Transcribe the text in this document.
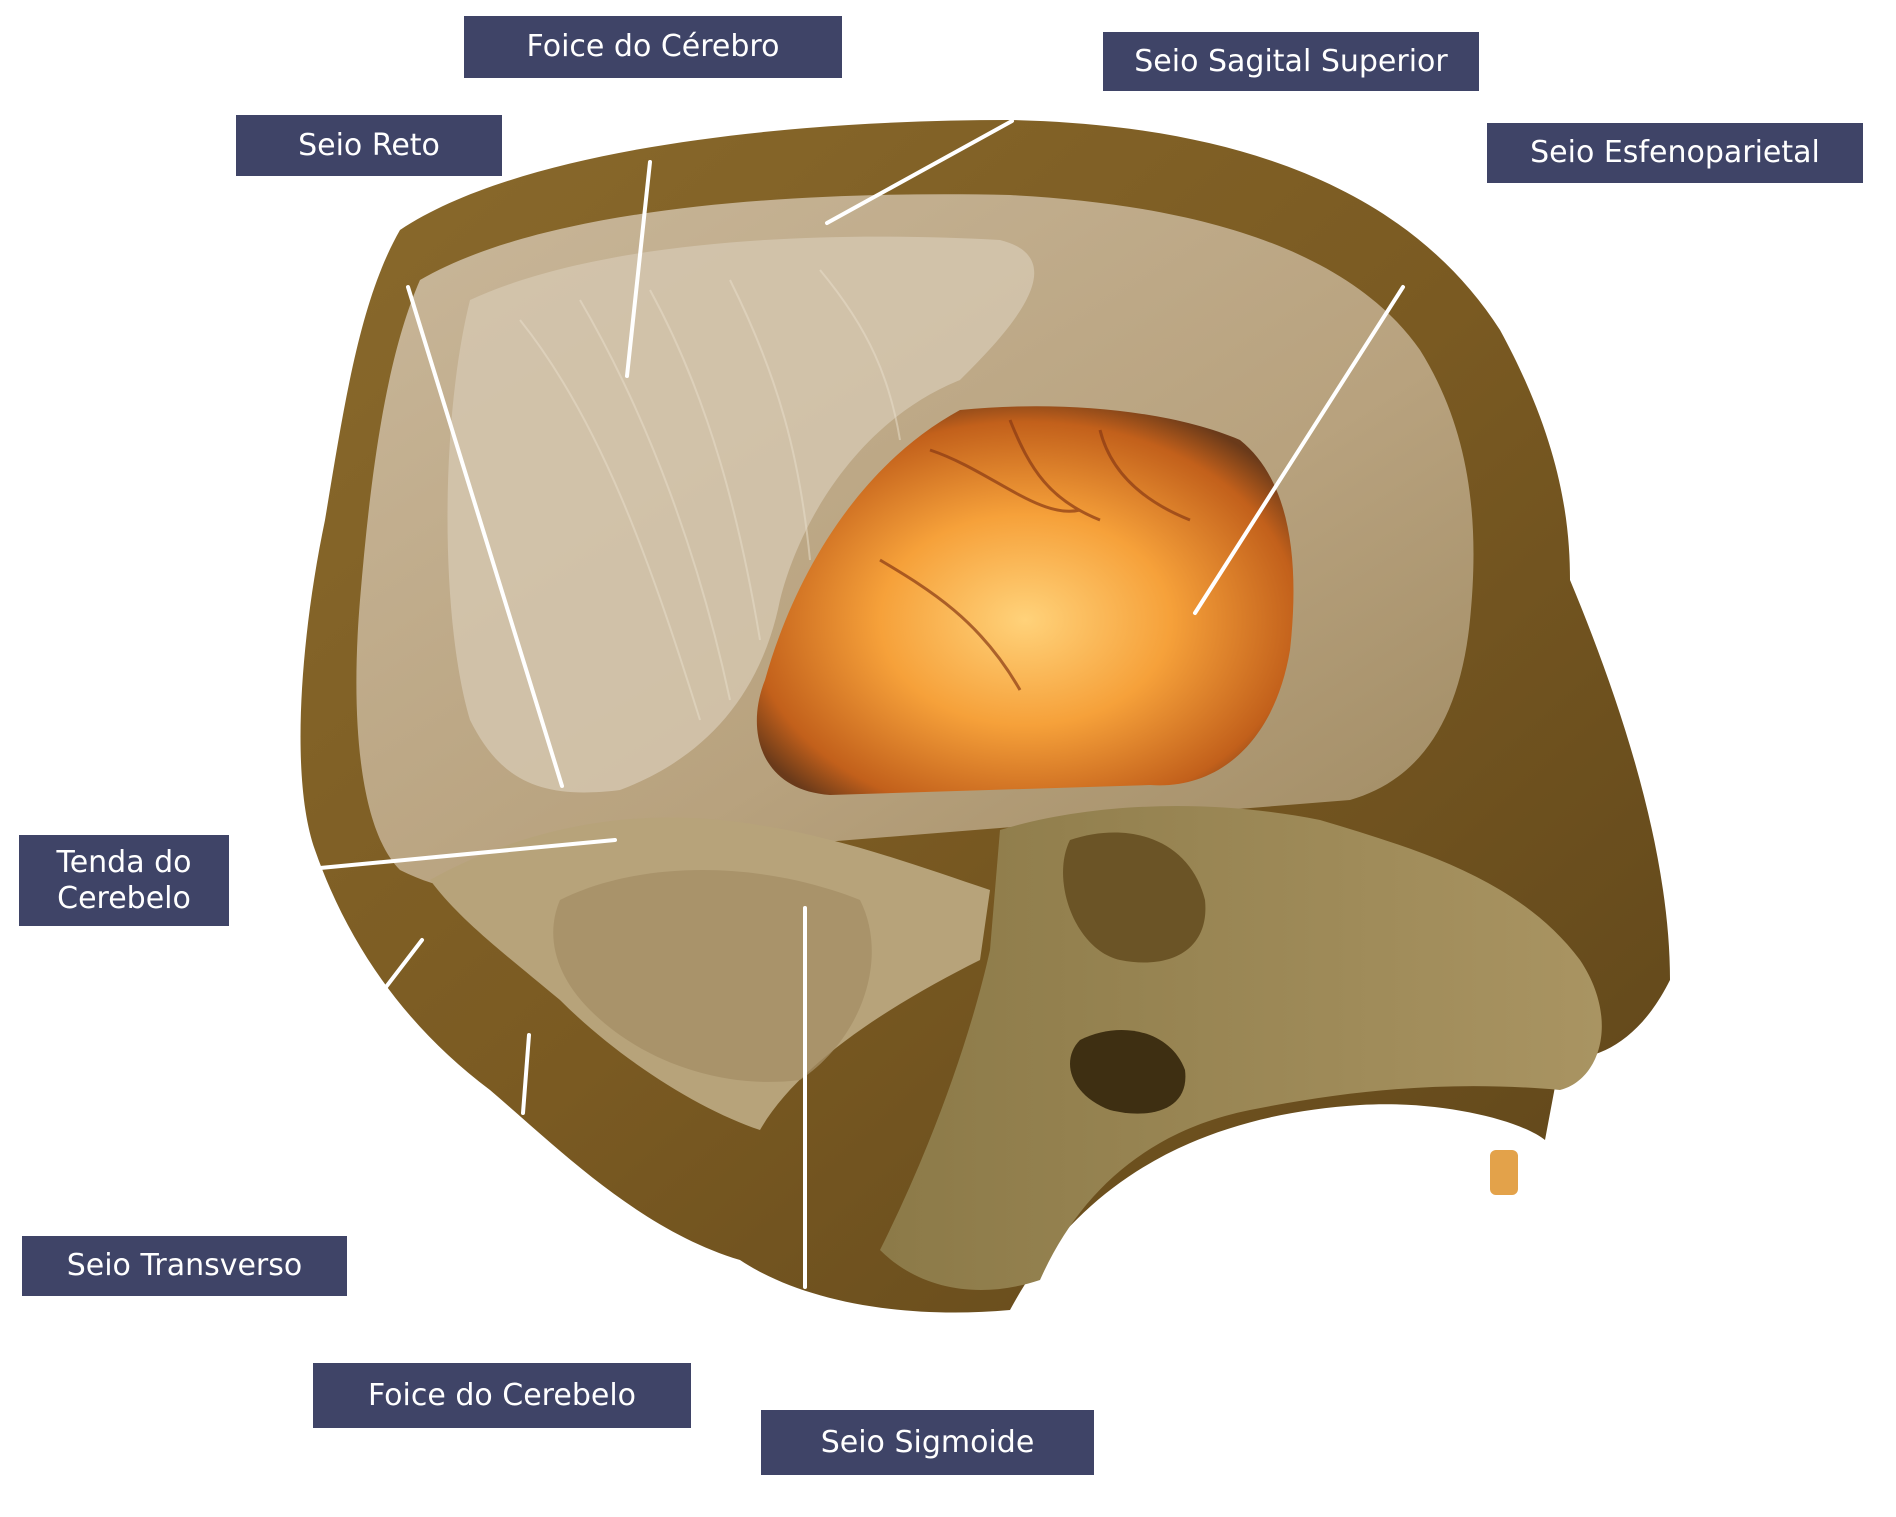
Foice do Cérebro	Seio Sagital Superior
Seio Reto	Seio Esfenoparietal
Tenda do
Cerebelo
Seio Transverso
Foice do Cerebelo
Seio Sigmoide
